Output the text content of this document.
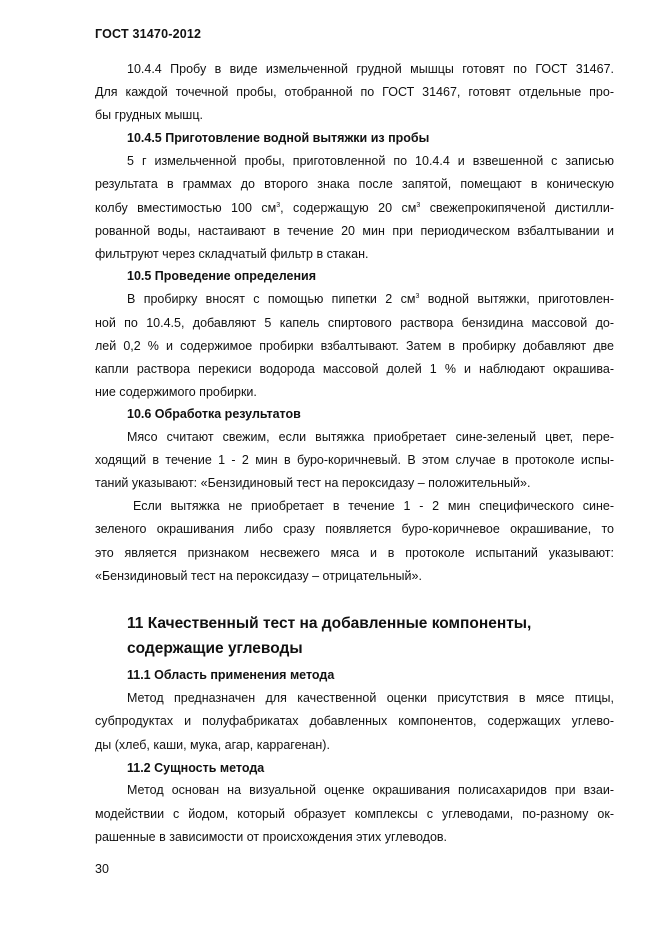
ГОСТ 31470-2012
10.4.4 Пробу в виде измельченной грудной мышцы готовят по ГОСТ 31467.
Для каждой точечной пробы, отобранной по ГОСТ 31467, готовят отдельные про-
бы грудных мышц.
10.4.5 Приготовление водной вытяжки из пробы
5 г измельченной пробы, приготовленной по 10.4.4 и взвешенной с записью
результата в граммах до второго знака после запятой, помещают в коническую
колбу вместимостью 100 $см^3$, содержащую 20 $см^3$ свежепрокипяченой дистилли-
рованной воды, настаивают в течение 20 мин при периодическом взбалтывании и
фильтруют через складчатый фильтр в стакан.
10.5 Проведение определения
В пробирку вносят с помощью пипетки 2 $см^3$ водной вытяжки, приготовлен-
ной по 10.4.5, добавляют 5 капель спиртового раствора бензидина массовой до-
лей 0,2 % и содержимое пробирки взбалтывают. Затем в пробирку добавляют две
капли раствора перекиси водорода массовой долей 1 % и наблюдают окрашива-
ние содержимого пробирки.
10.6 Обработка результатов
Мясо считают свежим, если вытяжка приобретает сине-зеленый цвет, пере-
ходящий в течение 1 - 2 мин в буро-коричневый. В этом случае в протоколе испы-
таний указывают: «Бензидиновый тест на пероксидазу – положительный».
Если вытяжка не приобретает в течение 1 - 2 мин специфического сине-
зеленого окрашивания либо сразу появляется буро-коричневое окрашивание, то
это является признаком несвежего мяса и в протоколе испытаний указывают:
«Бензидиновый тест на пероксидазу – отрицательный».
11 Качественный тест на добавленные компоненты,
содержащие углеводы
11.1 Область применения метода
Метод предназначен для качественной оценки присутствия в мясе птицы,
субпродуктах и полуфабрикатах добавленных компонентов, содержащих углево-
ды (хлеб, каши, мука, агар, каррагенан).
11.2 Сущность метода
Метод основан на визуальной оценке окрашивания полисахаридов при взаи-
модействии с йодом, который образует комплексы с углеводами, по-разному ок-
рашенные в зависимости от происхождения этих углеводов.
30
